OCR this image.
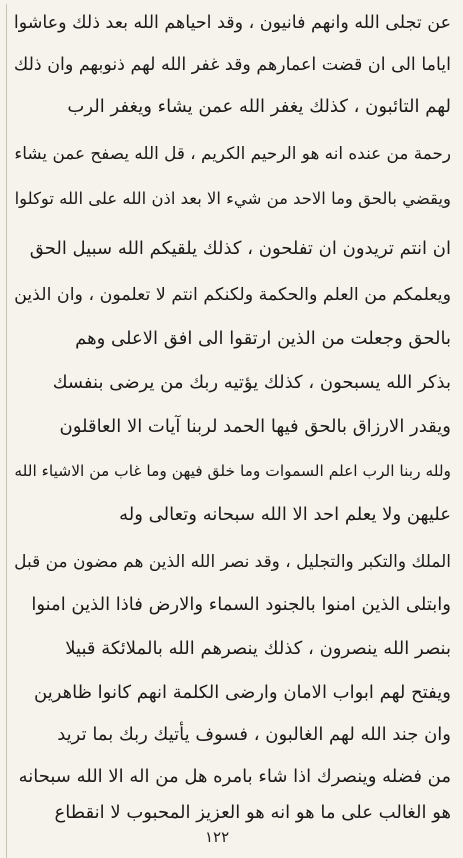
عن تجلى الله وانهم فانيون ، وقد احياهم الله بعد ذلك وعاشوا
اياما الى ان قضت اعمارهم وقد غفر الله لهم ذنوبهم وان ذلك
لهم التائبون ، كذلك يغفر الله عمن يشاء ويغفر الرب
رحمة من عنده انه هو الرحيم الكريم ، قل الله يصفح عمن يشاء
ويقضي بالحق وما الاحد من شيء الا بعد اذن الله على الله توكلوا
ان انتم تريدون ان تفلحون ، كذلك يلقيكم الله سبيل الحق
ويعلمكم من العلم والحكمة ولكنكم انتم لا تعلمون ، وان الذين
بالحق وجعلت من الذين ارتقوا الى افق الاعلى وهم
بذكر الله يسبحون ، كذلك يؤتيه ربك من يرضى بنفسك
ويقدر الارزاق بالحق فيها الحمد لربنا آيات الا العاقلون
ولله ربنا الرب اعلم السموات وما خلق فيهن وما غاب من الاشياء الله
عليهن ولا يعلم احد الا الله سبحانه وتعالى وله
الملك والتكبر والتجليل ، وقد نصر الله الذين هم مضون من قبل
وابتلى الذين امنوا بالجنود السماء والارض فاذا الذين امنوا
بنصر الله ينصرون ، كذلك ينصرهم الله بالملائكة قبيلا
ويفتح لهم ابواب الامان وارضى الكلمة انهم كانوا ظاهرين
وان جند الله لهم الغالبون ، فسوف يأتيك ربك بما تريد
من فضله وينصرك اذا شاء بامره هل من اله الا الله سبحانه
هو الغالب على ما هو انه هو العزيز المحبوب لا انقطاع
١٢٢
